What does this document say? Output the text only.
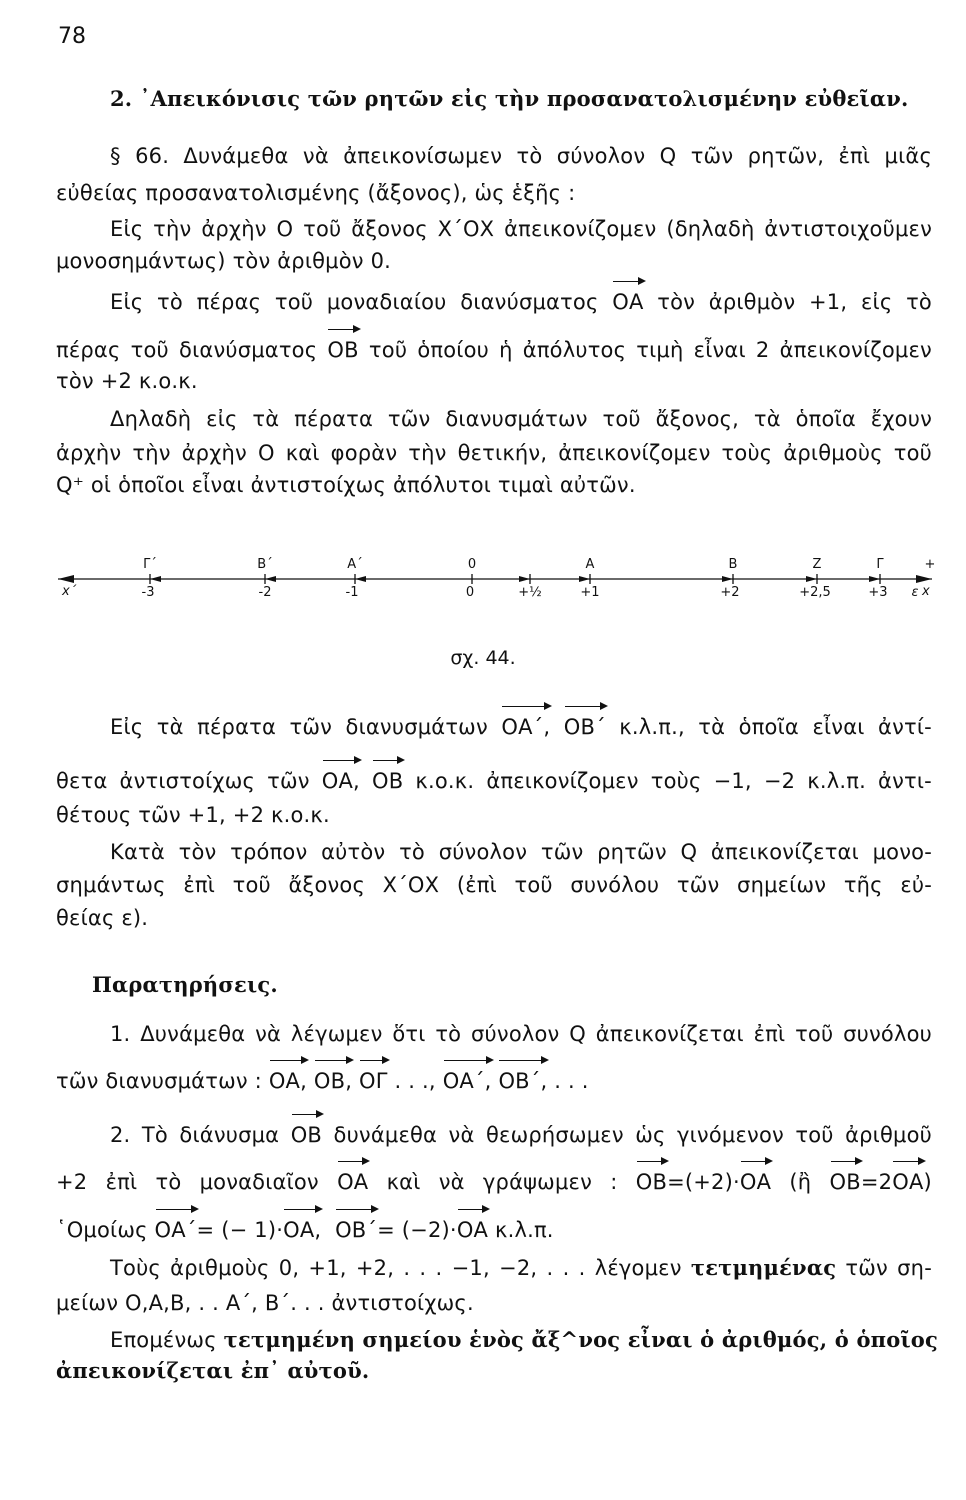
78
2. ᾿Απεικόνισις τῶν ρητῶν εἰς τὴν προσανατολισμένην εὐθεῖαν.
§ 66. Δυνάμεθα νὰ ἀπεικονίσωμεν τὸ σύνολον Q τῶν ρητῶν, ἐπὶ μιᾶς
εὐθείας προσανατολισμένης (ἄξονος), ὡς ἑξῆς :
Εἰς τὴν ἀρχὴν Ο τοῦ ἄξονος Χ΄ΟΧ ἀπεικονίζομεν (δηλαδὴ ἀντιστοιχοῦμεν
μονοσημάντως) τὸν ἀριθμὸν 0.
Εἰς τὸ πέρας τοῦ μοναδιαίου διανύσματος ΟΑ τὸν ἀριθμὸν +1, εἰς τὸ
πέρας τοῦ διανύσματος ΟΒ τοῦ ὁποίου ἡ ἀπόλυτος τιμὴ εἶναι 2 ἀπεικονίζομεν
τὸν +2 κ.ο.κ.
Δηλαδὴ εἰς τὰ πέρατα τῶν διανυσμάτων τοῦ ἄξονος, τὰ ὁποῖα ἔχουν
ἀρχὴν τὴν ἀρχὴν Ο καὶ φορὰν τὴν θετικήν, ἀπεικονίζομεν τοὺς ἀριθμοὺς τοῦ
Q⁺ οἱ ὁποῖοι εἶναι ἀντιστοίχως ἀπόλυτοι τιμαὶ αὐτῶν.
Γ΄	Β΄	Α΄	0	Α	Β	Ζ	Γ	+
-3	-2	-1	0	+½	+1	+2	+2,5	+3 ε
x΄	x
σχ. 44.
Εἰς τὰ πέρατα τῶν διανυσμάτων ΟΑ΄, ΟΒ΄ κ.λ.π., τὰ ὁποῖα εἶναι ἀντί-
θετα ἀντιστοίχως τῶν ΟΑ, ΟΒ κ.ο.κ. ἀπεικονίζομεν τοὺς −1, −2 κ.λ.π. ἀντι-
θέτους τῶν +1, +2 κ.ο.κ.
Κατὰ τὸν τρόπον αὐτὸν τὸ σύνολον τῶν ρητῶν Q ἀπεικονίζεται μονο-
σημάντως ἐπὶ τοῦ ἄξονος Χ΄ΟΧ (ἐπὶ τοῦ συνόλου τῶν σημείων τῆς εὐ-
θείας ε).
Παρατηρήσεις.
1. Δυνάμεθα νὰ λέγωμεν ὅτι τὸ σύνολον Q ἀπεικονίζεται ἐπὶ τοῦ συνόλου
τῶν διανυσμάτων : ΟΑ, ΟΒ, ΟΓ . . ., ΟΑ΄, ΟΒ΄, . . .
2. Τὸ διάνυσμα ΟΒ δυνάμεθα νὰ θεωρήσωμεν ὡς γινόμενον τοῦ ἀριθμοῦ
+2 ἐπὶ τὸ μοναδιαῖον ΟΑ καὶ νὰ γράψωμεν : ΟΒ=(+2)·ΟΑ (ἢ ΟΒ=2ΟΑ)
῾Ομοίως ΟΑ΄= (− 1)·ΟΑ, ΟΒ΄= (−2)·ΟΑ κ.λ.π.
Τοὺς ἀριθμοὺς 0, +1, +2, . . . −1, −2, . . . λέγομεν τετμημένας τῶν ση-
μείων Ο,Α,Β, . . Α΄, Β΄. . . ἀντιστοίχως.
Επομένως τετμημένη σημείου ἑνὸς ἄξ^νος εἶναι ὁ ἀριθμός, ὁ ὁποῖος
ἀπεικονίζεται ἐπ᾿ αὐτοῦ.
